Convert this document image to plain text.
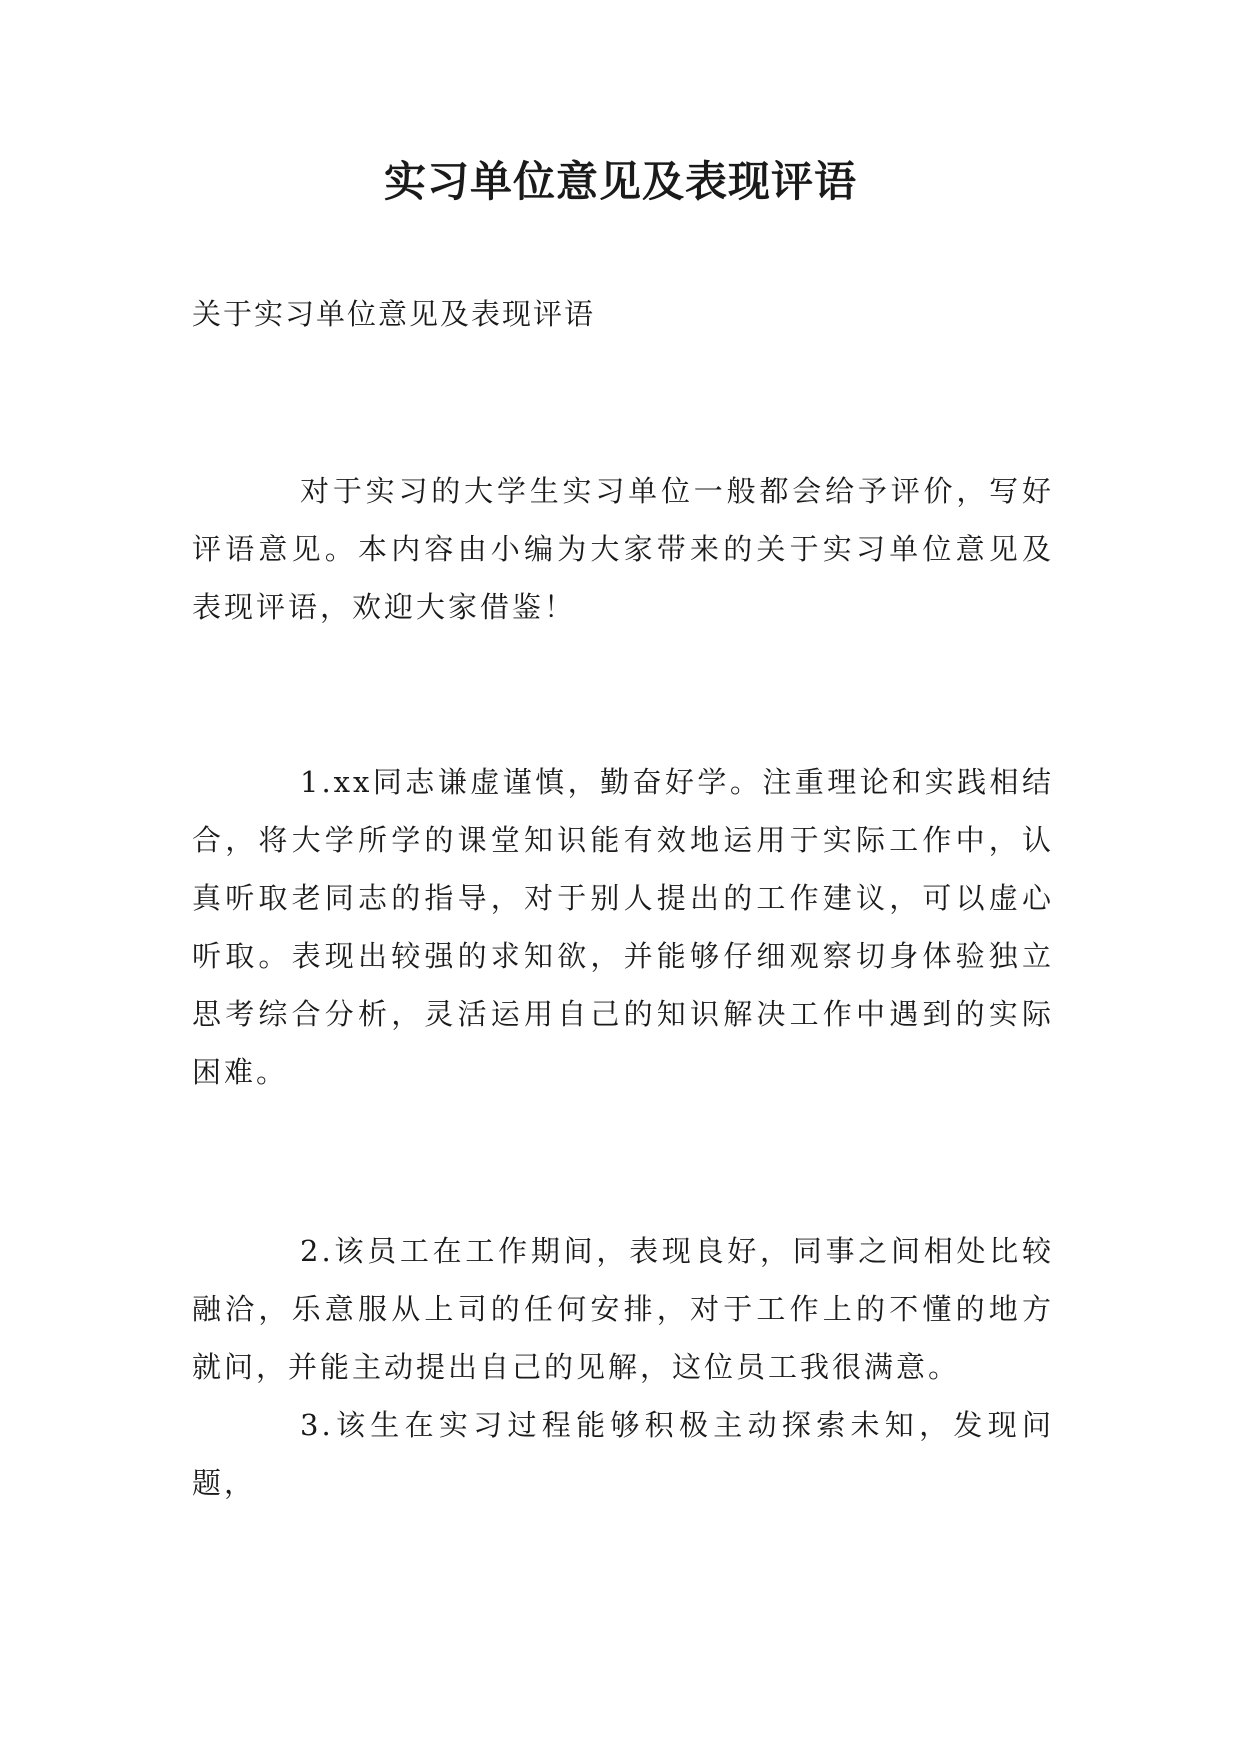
实习单位意见及表现评语

关于实习单位意见及表现评语

对于实习的大学生实习单位一般都会给予评价，写好评语意见。本内容由小编为大家带来的关于实习单位意见及表现评语，欢迎大家借鉴！

1.xx同志谦虚谨慎，勤奋好学。注重理论和实践相结合，将大学所学的课堂知识能有效地运用于实际工作中，认真听取老同志的指导，对于别人提出的工作建议，可以虚心听取。表现出较强的求知欲，并能够仔细观察切身体验独立思考综合分析，灵活运用自己的知识解决工作中遇到的实际困难。

2.该员工在工作期间，表现良好，同事之间相处比较融洽，乐意服从上司的任何安排，对于工作上的不懂的地方就问，并能主动提出自己的见解，这位员工我很满意。

3.该生在实习过程能够积极主动探索未知，发现问题，
